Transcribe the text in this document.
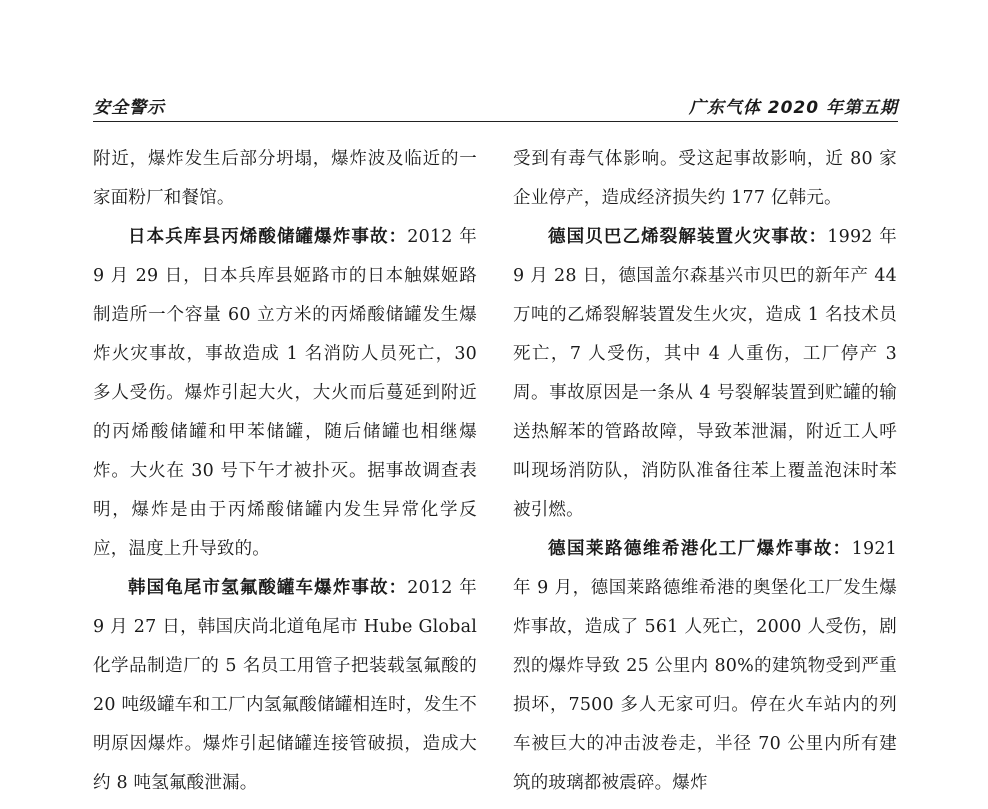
安全警示	广东气体 2020 年第五期

附近，爆炸发生后部分坍塌，爆炸波及临近的一家面粉厂和餐馆。

日本兵库县丙烯酸储罐爆炸事故：2012 年 9 月 29 日，日本兵库县姬路市的日本触媒姬路制造所一个容量 60 立方米的丙烯酸储罐发生爆炸火灾事故，事故造成 1 名消防人员死亡，30 多人受伤。爆炸引起大火，大火而后蔓延到附近的丙烯酸储罐和甲苯储罐，随后储罐也相继爆炸。大火在 30 号下午才被扑灭。据事故调查表明，爆炸是由于丙烯酸储罐内发生异常化学反应，温度上升导致的。

韩国龟尾市氢氟酸罐车爆炸事故：2012 年 9 月 27 日，韩国庆尚北道龟尾市 Hube Global 化学品制造厂的 5 名员工用管子把装载氢氟酸的 20 吨级罐车和工厂内氢氟酸储罐相连时，发生不明原因爆炸。爆炸引起储罐连接管破损，造成大约 8 吨氢氟酸泄漏。

受到有毒气体影响。受这起事故影响，近 80 家企业停产，造成经济损失约 177 亿韩元。

德国贝巴乙烯裂解装置火灾事故：1992 年 9 月 28 日，德国盖尔森基兴市贝巴的新年产 44 万吨的乙烯裂解装置发生火灾，造成 1 名技术员死亡，7 人受伤，其中 4 人重伤，工厂停产 3 周。事故原因是一条从 4 号裂解装置到贮罐的输送热解苯的管路故障，导致苯泄漏，附近工人呼叫现场消防队，消防队准备往苯上覆盖泡沫时苯被引燃。

德国莱路德维希港化工厂爆炸事故：1921 年 9 月，德国莱路德维希港的奥堡化工厂发生爆炸事故，造成了 561 人死亡，2000 人受伤，剧烈的爆炸导致 25 公里内 80%的建筑物受到严重损坏，7500 多人无家可归。停在火车站内的列车被巨大的冲击波卷走，半径 70 公里内所有建筑的玻璃都被震碎。爆炸
